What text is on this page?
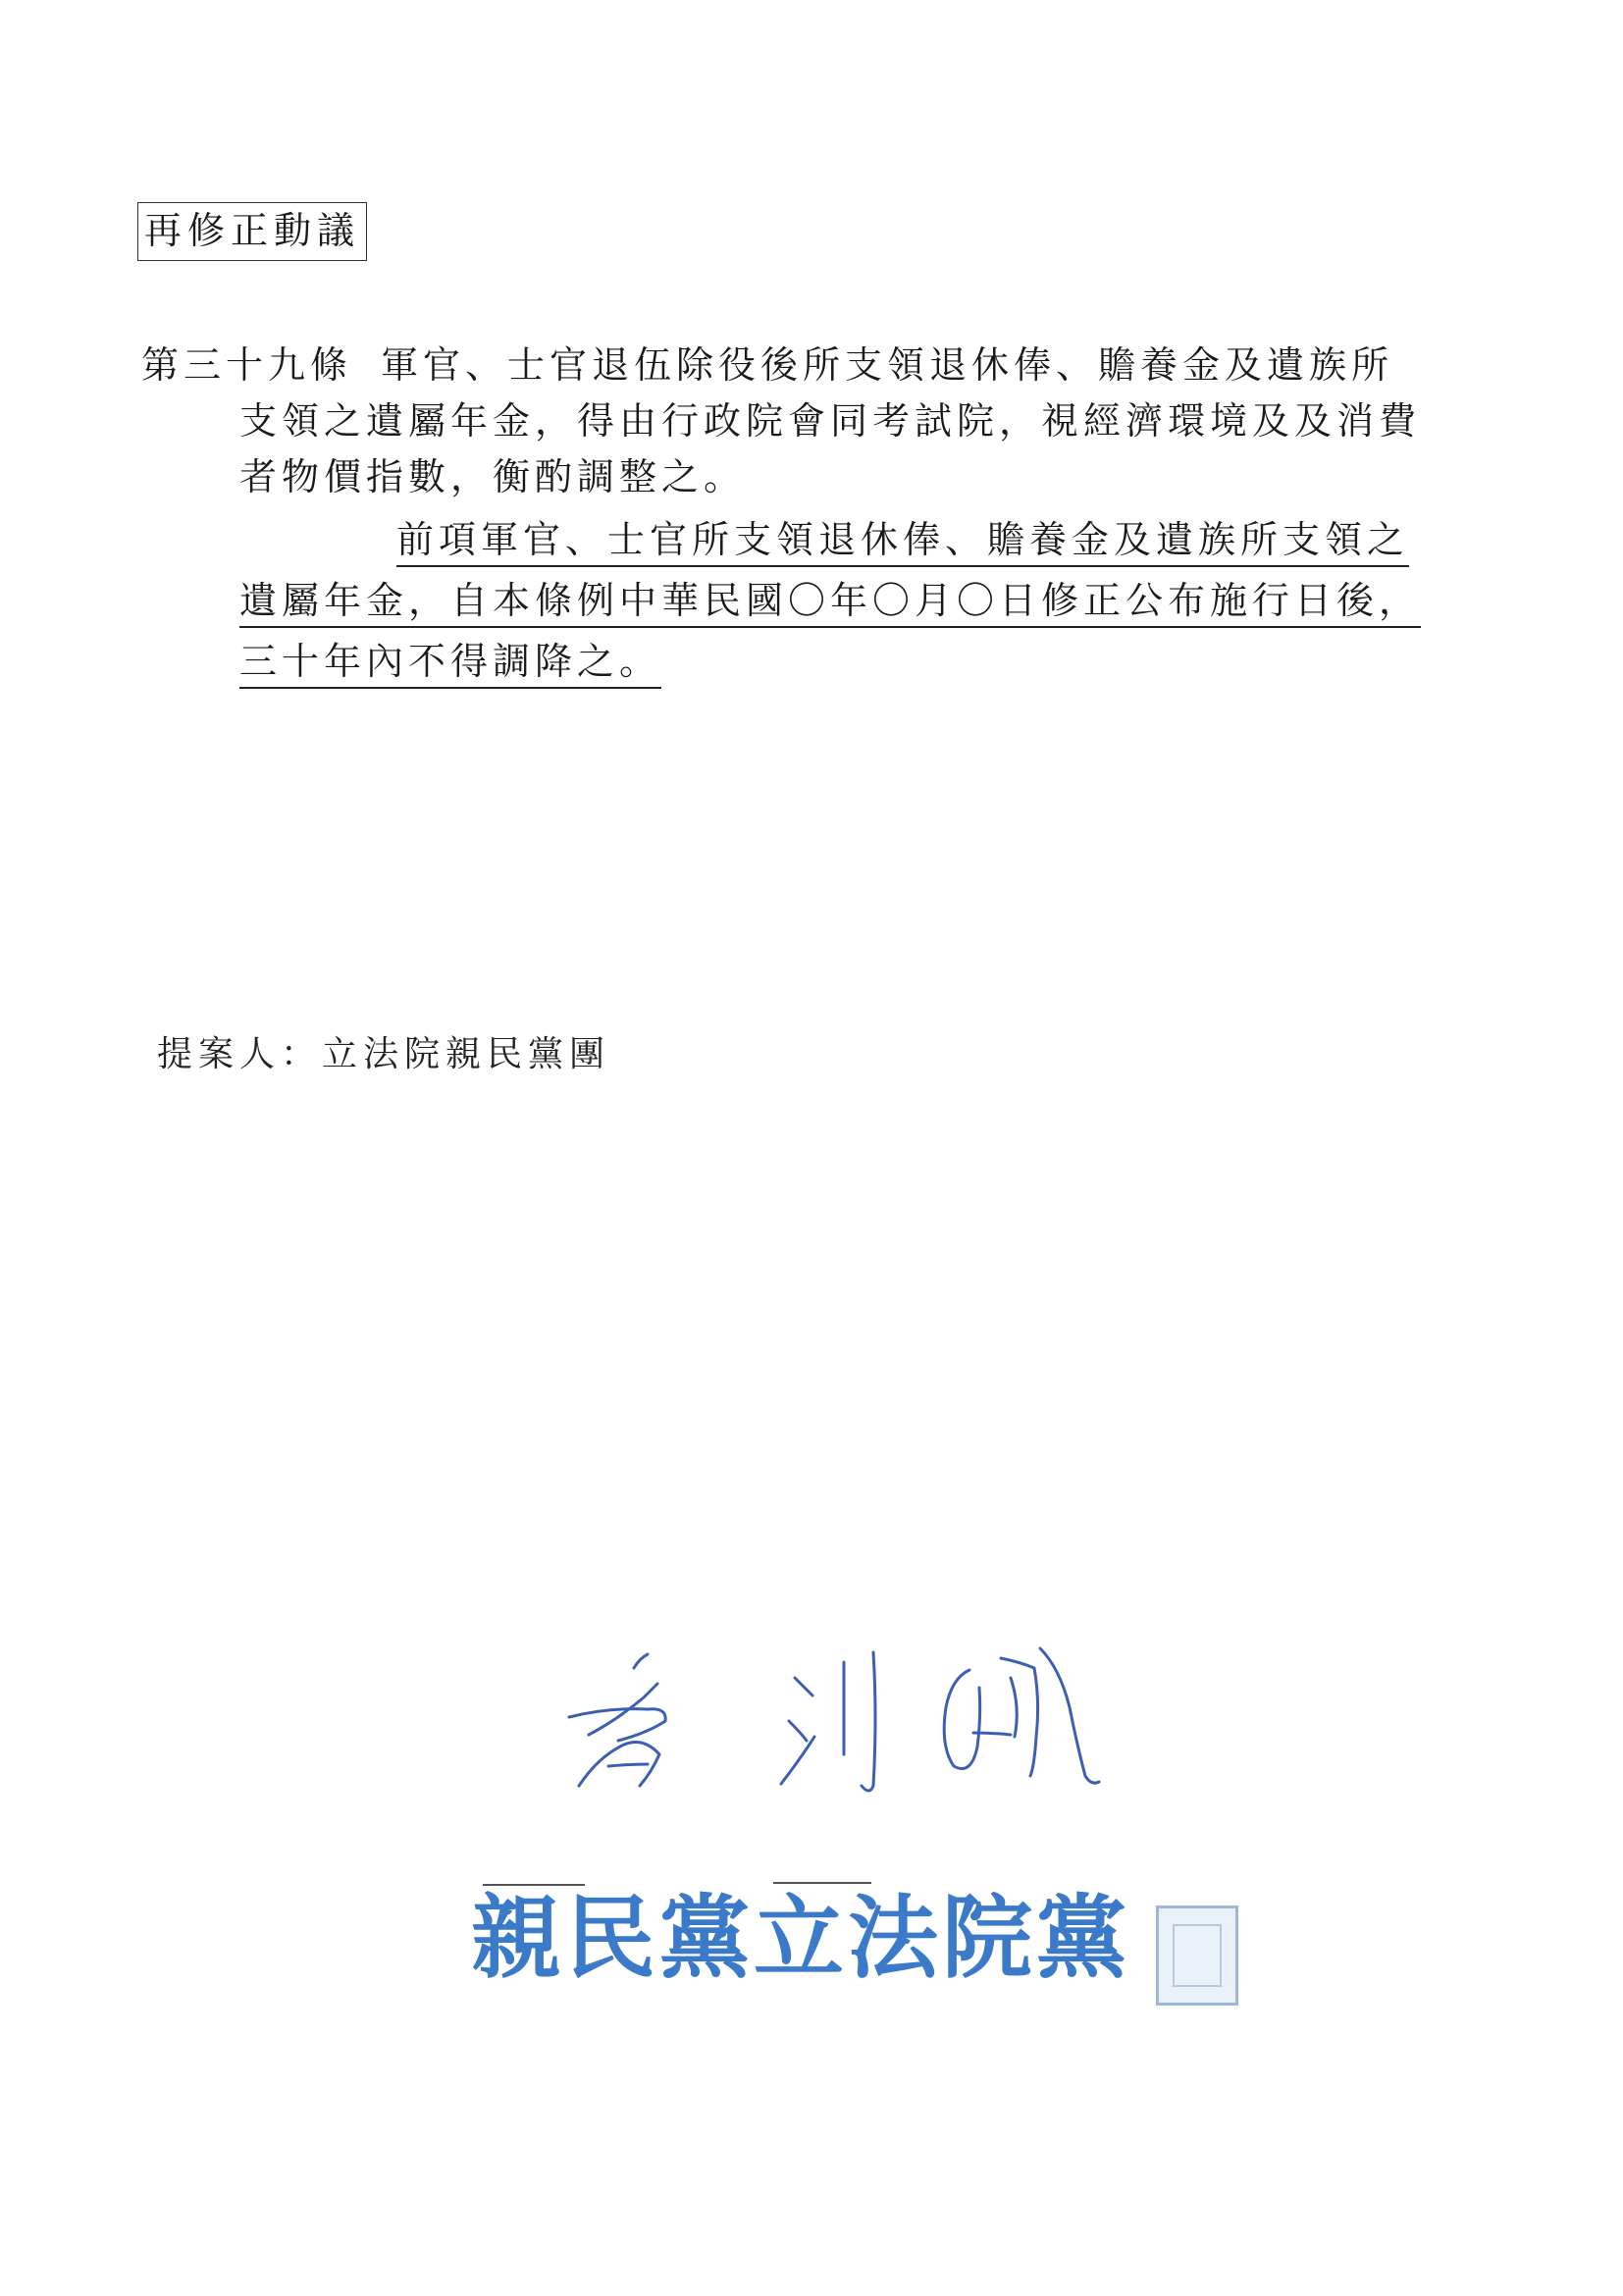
再修正動議
第三十九條 軍官、士官退伍除役後所支領退休俸、贍養金及遺族所
支領之遺屬年金，得由行政院會同考試院，視經濟環境及及消費
者物價指數，衡酌調整之。
前項軍官、士官所支領退休俸、贍養金及遺族所支領之
遺屬年金，自本條例中華民國〇年〇月〇日修正公布施行日後，
三十年內不得調降之。
提案人：立法院親民黨團
親民黨立法院黨
